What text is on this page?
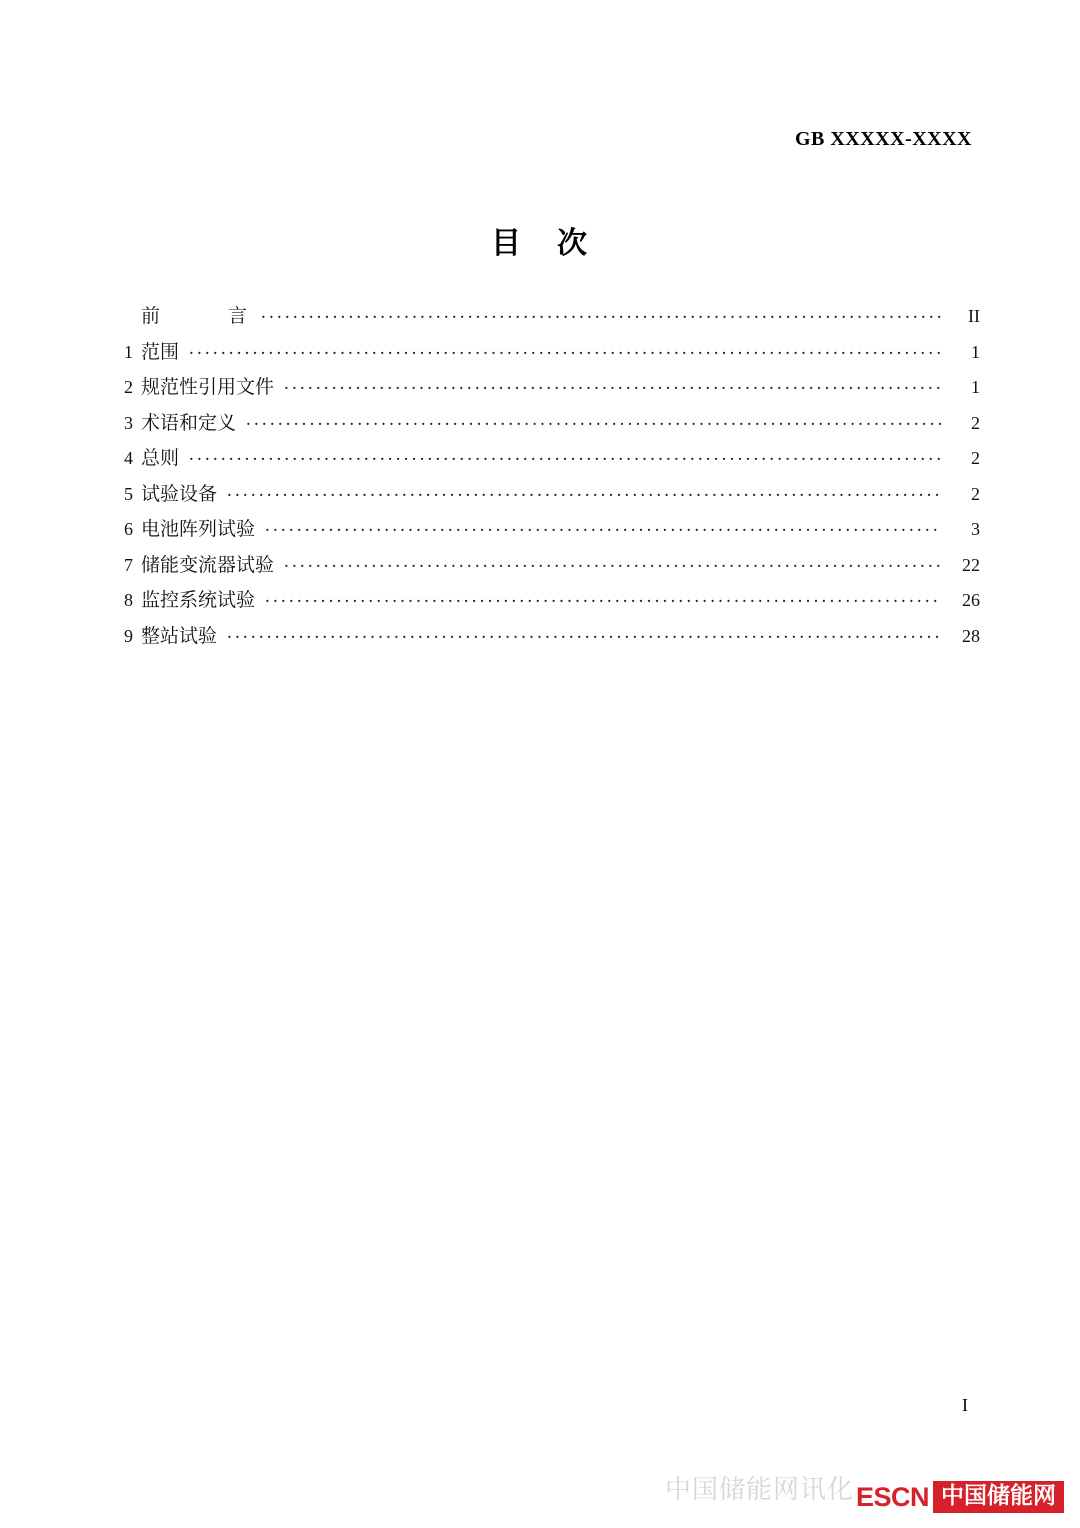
GB XXXXX-XXXX
目 次
前　　言 .....	II
1 范围 .....	1
2 规范性引用文件 .....	1
3 术语和定义 .....	2
4 总则 .....	2
5 试验设备 .....	2
6 电池阵列试验 .....	3
7 储能变流器试验 .....	22
8 监控系统试验 .....	26
9 整站试验 .....	28
I
中国储能网讯化 ESCN 中国储能网
